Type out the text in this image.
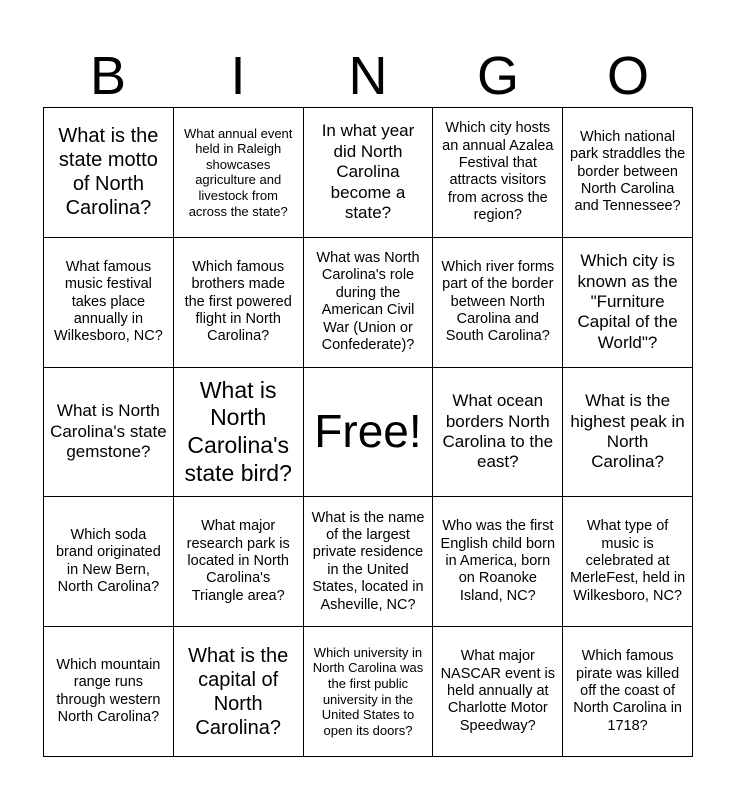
B	I	N	G	O
What is the state motto of North Carolina?
What annual event held in Raleigh showcases agriculture and livestock from across the state?
In what year did North Carolina become a state?
Which city hosts an annual Azalea Festival that attracts visitors from across the region?
Which national park straddles the border between North Carolina and Tennessee?
What famous music festival takes place annually in Wilkesboro, NC?
Which famous brothers made the first powered flight in North Carolina?
What was North Carolina's role during the American Civil War (Union or Confederate)?
Which river forms part of the border between North Carolina and South Carolina?
Which city is known as the "Furniture Capital of the World"?
What is North Carolina's state gemstone?
What is North Carolina's state bird?
Free!
What ocean borders North Carolina to the east?
What is the highest peak in North Carolina?
Which soda brand originated in New Bern, North Carolina?
What major research park is located in North Carolina's Triangle area?
What is the name of the largest private residence in the United States, located in Asheville, NC?
Who was the first English child born in America, born on Roanoke Island, NC?
What type of music is celebrated at MerleFest, held in Wilkesboro, NC?
Which mountain range runs through western North Carolina?
What is the capital of North Carolina?
Which university in North Carolina was the first public university in the United States to open its doors?
What major NASCAR event is held annually at Charlotte Motor Speedway?
Which famous pirate was killed off the coast of North Carolina in 1718?
